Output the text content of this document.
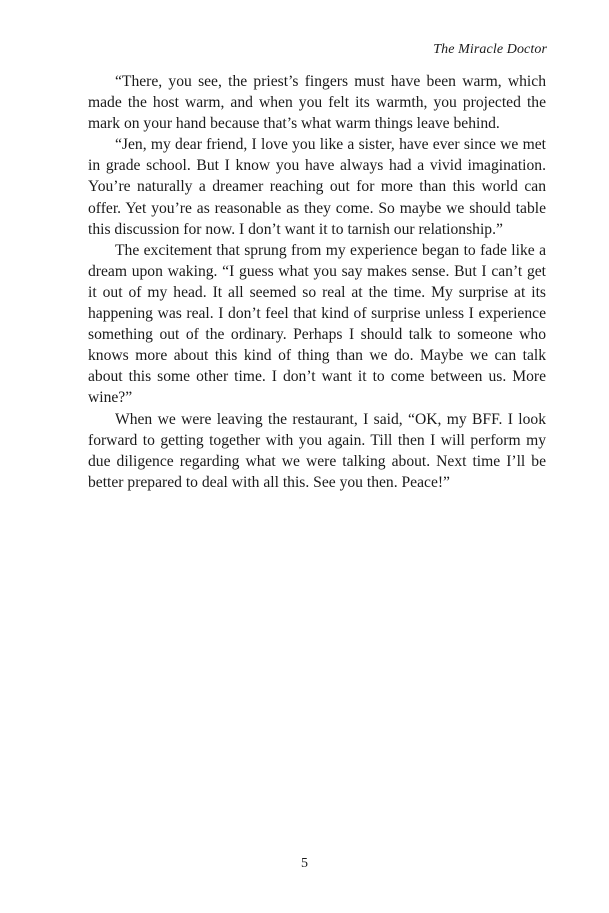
The Miracle Doctor

“There, you see, the priest’s fingers must have been warm, which made the host warm, and when you felt its warmth, you projected the mark on your hand because that’s what warm things leave behind.

“Jen, my dear friend, I love you like a sister, have ever since we met in grade school. But I know you have always had a vivid imagination. You’re naturally a dreamer reaching out for more than this world can offer. Yet you’re as reasonable as they come. So maybe we should table this discussion for now. I don’t want it to tarnish our relationship.”

The excitement that sprung from my experience began to fade like a dream upon waking. “I guess what you say makes sense. But I can’t get it out of my head. It all seemed so real at the time. My surprise at its happening was real. I don’t feel that kind of surprise unless I experience something out of the ordinary. Perhaps I should talk to someone who knows more about this kind of thing than we do. Maybe we can talk about this some other time. I don’t want it to come between us. More wine?”

When we were leaving the restaurant, I said, “OK, my BFF. I look forward to getting together with you again. Till then I will perform my due diligence regarding what we were talking about. Next time I’ll be better prepared to deal with all this. See you then. Peace!”

5
